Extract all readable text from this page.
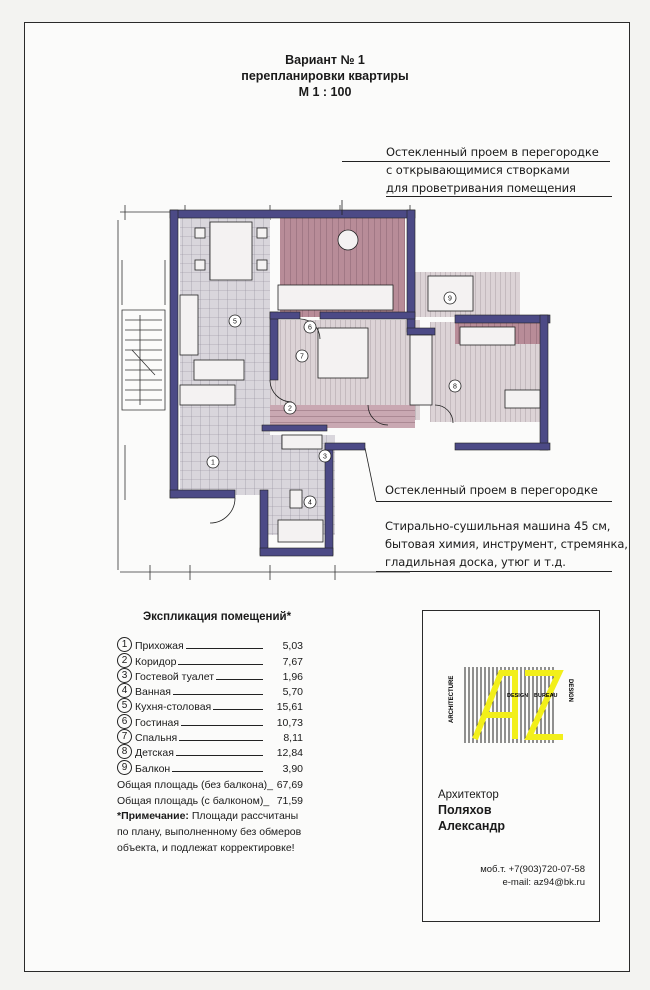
Вариант № 1
перепланировки квартиры
М 1 : 100
Остекленный проем в перегородке
с открывающимися створками
для проветривания помещения
Остекленный проем в перегородке
Стирально-сушильная машина 45 см,
бытовая химия, инструмент, стремянка,
гладильная доска, утюг и т.д.
1
2
3
4
5
6
7
8
9
Экспликация помещений*
1 Прихожая	5,03
2 Коридор	7,67
3 Гостевой туалет	1,96
4 Ванная	5,70
5 Кухня-столовая	15,61
6 Гостиная	10,73
7 Спальня	8,11
8 Детская	12,84
9 Балкон	3,90
Общая площадь (без балкона)_ 67,69
Общая площадь (с балконом)_ 71,59
*Примечание: Площади рассчитаны по плану, выполненному без обмеров объекта, и подлежат корректировке!
ARCHITECTURE	DESIGN BUREAU DESIGN
Архитектор
Поляхов
Александр
моб.т. +7(903)720-07-58
e-mail: az94@bk.ru
